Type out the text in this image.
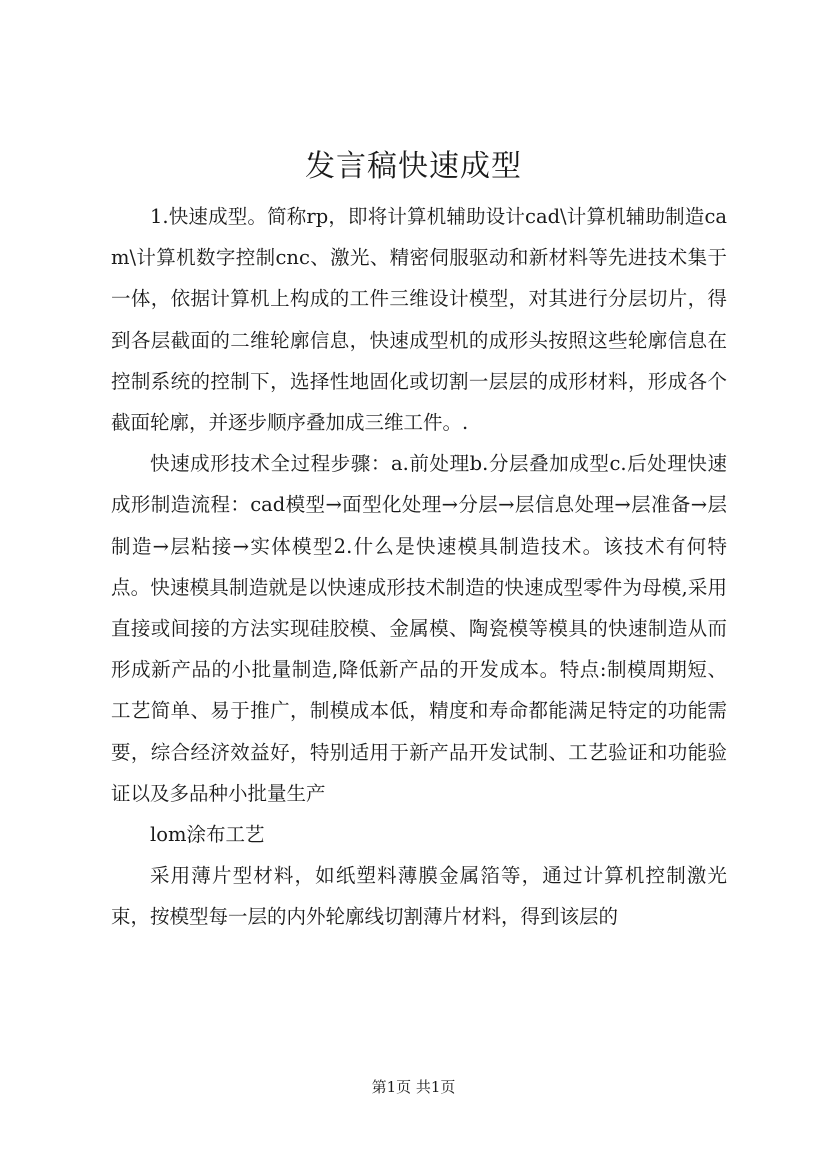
发言稿快速成型

1.快速成型。简称rp，即将计算机辅助设计cad\计算机辅助制造cam\计算机数字控制cnc、激光、精密伺服驱动和新材料等先进技术集于一体，依据计算机上构成的工件三维设计模型，对其进行分层切片，得到各层截面的二维轮廓信息，快速成型机的成形头按照这些轮廓信息在控制系统的控制下，选择性地固化或切割一层层的成形材料，形成各个截面轮廓，并逐步顺序叠加成三维工件。.

快速成形技术全过程步骤：a.前处理b.分层叠加成型c.后处理快速成形制造流程：cad模型→面型化处理→分层→层信息处理→层准备→层制造→层粘接→实体模型2.什么是快速模具制造技术。该技术有何特点。快速模具制造就是以快速成形技术制造的快速成型零件为母模,采用直接或间接的方法实现硅胶模、金属模、陶瓷模等模具的快速制造从而形成新产品的小批量制造,降低新产品的开发成本。特点:制模周期短、工艺简单、易于推广，制模成本低，精度和寿命都能满足特定的功能需要，综合经济效益好，特别适用于新产品开发试制、工艺验证和功能验证以及多品种小批量生产

lom涂布工艺

采用薄片型材料，如纸塑料薄膜金属箔等，通过计算机控制激光束，按模型每一层的内外轮廓线切割薄片材料，得到该层的

第1页 共1页
